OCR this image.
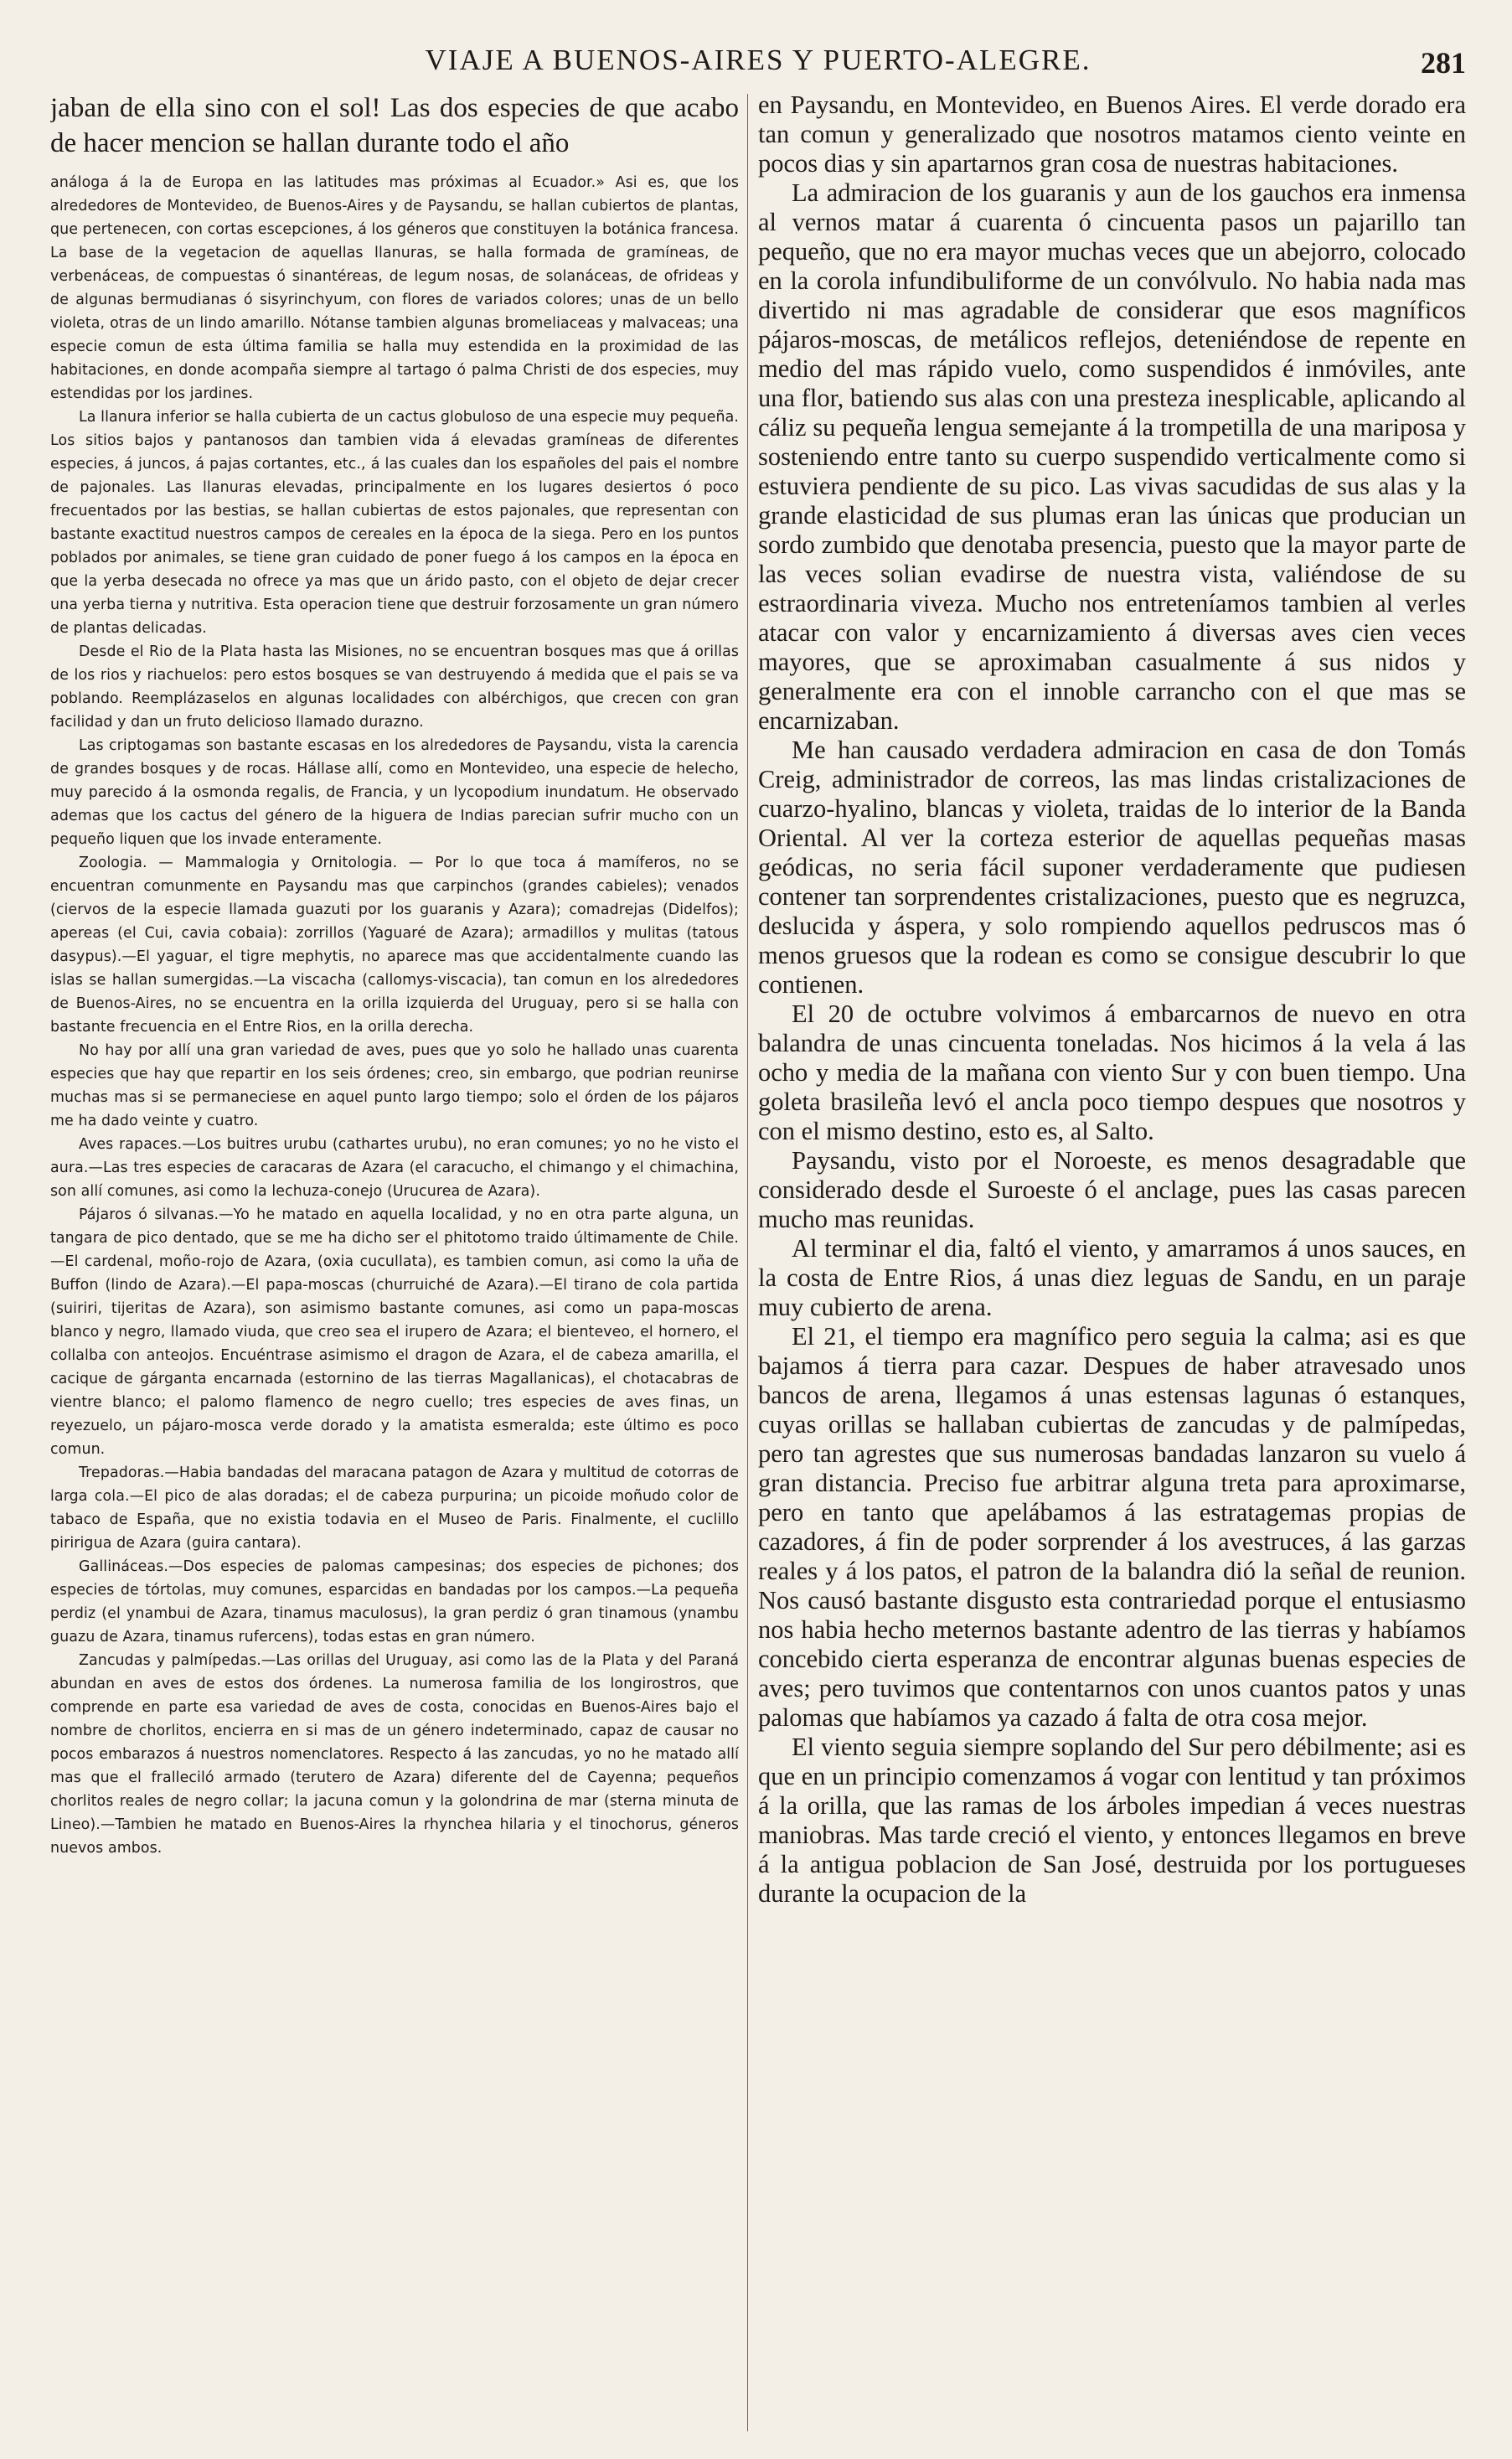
VIAJE A BUENOS-AIRES Y PUERTO-ALEGRE.	281

jaban de ella sino con el sol! Las dos especies de que acabo de hacer mencion se hallan durante todo el año

análoga á la de Europa en las latitudes mas próximas al Ecuador.» Asi es, que los alrededores de Montevideo, de Buenos-Aires y de Paysandu, se hallan cubiertos de plantas, que pertenecen, con cortas escepciones, á los géneros que constituyen la botánica francesa. La base de la vegetacion de aquellas llanuras, se halla formada de gramíneas, de verbenáceas, de compuestas ó sinantéreas, de legum nosas, de solanáceas, de ofrideas y de algunas bermudianas ó sisyrinchyum, con flores de variados colores; unas de un bello violeta, otras de un lindo amarillo. Nótanse tambien algunas bromeliaceas y malvaceas; una especie comun de esta última familia se halla muy estendida en la proximidad de las habitaciones, en donde acompaña siempre al tartago ó palma Christi de dos especies, muy estendidas por los jardines.

La llanura inferior se halla cubierta de un cactus globuloso de una especie muy pequeña. Los sitios bajos y pantanosos dan tambien vida á elevadas gramíneas de diferentes especies, á juncos, á pajas cortantes, etc., á las cuales dan los españoles del pais el nombre de pajonales. Las llanuras elevadas, principalmente en los lugares desiertos ó poco frecuentados por las bestias, se hallan cubiertas de estos pajonales, que representan con bastante exactitud nuestros campos de cereales en la época de la siega. Pero en los puntos poblados por animales, se tiene gran cuidado de poner fuego á los campos en la época en que la yerba desecada no ofrece ya mas que un árido pasto, con el objeto de dejar crecer una yerba tierna y nutritiva. Esta operacion tiene que destruir forzosamente un gran número de plantas delicadas.

Desde el Rio de la Plata hasta las Misiones, no se encuentran bosques mas que á orillas de los rios y riachuelos: pero estos bosques se van destruyendo á medida que el pais se va poblando. Reemplázaselos en algunas localidades con albérchigos, que crecen con gran facilidad y dan un fruto delicioso llamado durazno.

Las criptogamas son bastante escasas en los alrededores de Paysandu, vista la carencia de grandes bosques y de rocas. Hállase allí, como en Montevideo, una especie de helecho, muy parecido á la osmonda regalis, de Francia, y un lycopodium inundatum. He observado ademas que los cactus del género de la higuera de Indias parecian sufrir mucho con un pequeño liquen que los invade enteramente.

Zoologia. — Mammalogia y Ornitologia. — Por lo que toca á mamíferos, no se encuentran comunmente en Paysandu mas que carpinchos (grandes cabieles); venados (ciervos de la especie llamada guazuti por los guaranis y Azara); comadrejas (Didelfos); apereas (el Cui, cavia cobaia): zorrillos (Yaguaré de Azara); armadillos y mulitas (tatous dasypus).—El yaguar, el tigre mephytis, no aparece mas que accidentalmente cuando las islas se hallan sumergidas.—La viscacha (callomys-viscacia), tan comun en los alrededores de Buenos-Aires, no se encuentra en la orilla izquierda del Uruguay, pero si se halla con bastante frecuencia en el Entre Rios, en la orilla derecha.

No hay por allí una gran variedad de aves, pues que yo solo he hallado unas cuarenta especies que hay que repartir en los seis órdenes; creo, sin embargo, que podrian reunirse muchas mas si se permaneciese en aquel punto largo tiempo; solo el órden de los pájaros me ha dado veinte y cuatro.

Aves rapaces.—Los buitres urubu (cathartes urubu), no eran comunes; yo no he visto el aura.—Las tres especies de caracaras de Azara (el caracucho, el chimango y el chimachina, son allí comunes, asi como la lechuza-conejo (Urucurea de Azara).

Pájaros ó silvanas.—Yo he matado en aquella localidad, y no en otra parte alguna, un tangara de pico dentado, que se me ha dicho ser el phitotomo traido últimamente de Chile.—El cardenal, moño-rojo de Azara, (oxia cucullata), es tambien comun, asi como la uña de Buffon (lindo de Azara).—El papa-moscas (churruiché de Azara).—El tirano de cola partida (suiriri, tijeritas de Azara), son asimismo bastante comunes, asi como un papa-moscas blanco y negro, llamado viuda, que creo sea el irupero de Azara; el bienteveo, el hornero, el collalba con anteojos. Encuéntrase asimismo el dragon de Azara, el de cabeza amarilla, el cacique de gárganta encarnada (estornino de las tierras Magallanicas), el chotacabras de vientre blanco; el palomo flamenco de negro cuello; tres especies de aves finas, un reyezuelo, un pájaro-mosca verde dorado y la amatista esmeralda; este último es poco comun.

Trepadoras.—Habia bandadas del maracana patagon de Azara y multitud de cotorras de larga cola.—El pico de alas doradas; el de cabeza purpurina; un picoide moñudo color de tabaco de España, que no existia todavia en el Museo de Paris. Finalmente, el cuclillo piririgua de Azara (guira cantara).

Gallináceas.—Dos especies de palomas campesinas; dos especies de pichones; dos especies de tórtolas, muy comunes, esparcidas en bandadas por los campos.—La pequeña perdiz (el ynambui de Azara, tinamus maculosus), la gran perdiz ó gran tinamous (ynambu guazu de Azara, tinamus rufercens), todas estas en gran número.

Zancudas y palmípedas.—Las orillas del Uruguay, asi como las de la Plata y del Paraná abundan en aves de estos dos órdenes. La numerosa familia de los longirostros, que comprende en parte esa variedad de aves de costa, conocidas en Buenos-Aires bajo el nombre de chorlitos, encierra en si mas de un género indeterminado, capaz de causar no pocos embarazos á nuestros nomenclatores. Respecto á las zancudas, yo no he matado allí mas que el fralleciló armado (terutero de Azara) diferente del de Cayenna; pequeños chorlitos reales de negro collar; la jacuna comun y la golondrina de mar (sterna minuta de Lineo).—Tambien he matado en Buenos-Aires la rhynchea hilaria y el tinochorus, géneros nuevos ambos.

en Paysandu, en Montevideo, en Buenos Aires. El verde dorado era tan comun y generalizado que nosotros matamos ciento veinte en pocos dias y sin apartarnos gran cosa de nuestras habitaciones.

La admiracion de los guaranis y aun de los gauchos era inmensa al vernos matar á cuarenta ó cincuenta pasos un pajarillo tan pequeño, que no era mayor muchas veces que un abejorro, colocado en la corola infundibuliforme de un convólvulo. No habia nada mas divertido ni mas agradable de considerar que esos magníficos pájaros-moscas, de metálicos reflejos, deteniéndose de repente en medio del mas rápido vuelo, como suspendidos é inmóviles, ante una flor, batiendo sus alas con una presteza inesplicable, aplicando al cáliz su pequeña lengua semejante á la trompetilla de una mariposa y sosteniendo entre tanto su cuerpo suspendido verticalmente como si estuviera pendiente de su pico. Las vivas sacudidas de sus alas y la grande elasticidad de sus plumas eran las únicas que producian un sordo zumbido que denotaba presencia, puesto que la mayor parte de las veces solian evadirse de nuestra vista, valiéndose de su estraordinaria viveza. Mucho nos entreteníamos tambien al verles atacar con valor y encarnizamiento á diversas aves cien veces mayores, que se aproximaban casualmente á sus nidos y generalmente era con el innoble carrancho con el que mas se encarnizaban.

Me han causado verdadera admiracion en casa de don Tomás Creig, administrador de correos, las mas lindas cristalizaciones de cuarzo-hyalino, blancas y violeta, traidas de lo interior de la Banda Oriental. Al ver la corteza esterior de aquellas pequeñas masas geódicas, no seria fácil suponer verdaderamente que pudiesen contener tan sorprendentes cristalizaciones, puesto que es negruzca, deslucida y áspera, y solo rompiendo aquellos pedruscos mas ó menos gruesos que la rodean es como se consigue descubrir lo que contienen.

El 20 de octubre volvimos á embarcarnos de nuevo en otra balandra de unas cincuenta toneladas. Nos hicimos á la vela á las ocho y media de la mañana con viento Sur y con buen tiempo. Una goleta brasileña levó el ancla poco tiempo despues que nosotros y con el mismo destino, esto es, al Salto.

Paysandu, visto por el Noroeste, es menos desagradable que considerado desde el Suroeste ó el anclage, pues las casas parecen mucho mas reunidas.

Al terminar el dia, faltó el viento, y amarramos á unos sauces, en la costa de Entre Rios, á unas diez leguas de Sandu, en un paraje muy cubierto de arena.

El 21, el tiempo era magnífico pero seguia la calma; asi es que bajamos á tierra para cazar. Despues de haber atravesado unos bancos de arena, llegamos á unas estensas lagunas ó estanques, cuyas orillas se hallaban cubiertas de zancudas y de palmípedas, pero tan agrestes que sus numerosas bandadas lanzaron su vuelo á gran distancia. Preciso fue arbitrar alguna treta para aproximarse, pero en tanto que apelábamos á las estratagemas propias de cazadores, á fin de poder sorprender á los avestruces, á las garzas reales y á los patos, el patron de la balandra dió la señal de reunion. Nos causó bastante disgusto esta contrariedad porque el entusiasmo nos habia hecho meternos bastante adentro de las tierras y habíamos concebido cierta esperanza de encontrar algunas buenas especies de aves; pero tuvimos que contentarnos con unos cuantos patos y unas palomas que habíamos ya cazado á falta de otra cosa mejor.

El viento seguia siempre soplando del Sur pero débilmente; asi es que en un principio comenzamos á vogar con lentitud y tan próximos á la orilla, que las ramas de los árboles impedian á veces nuestras maniobras. Mas tarde creció el viento, y entonces llegamos en breve á la antigua poblacion de San José, destruida por los portugueses durante la ocupacion de la
